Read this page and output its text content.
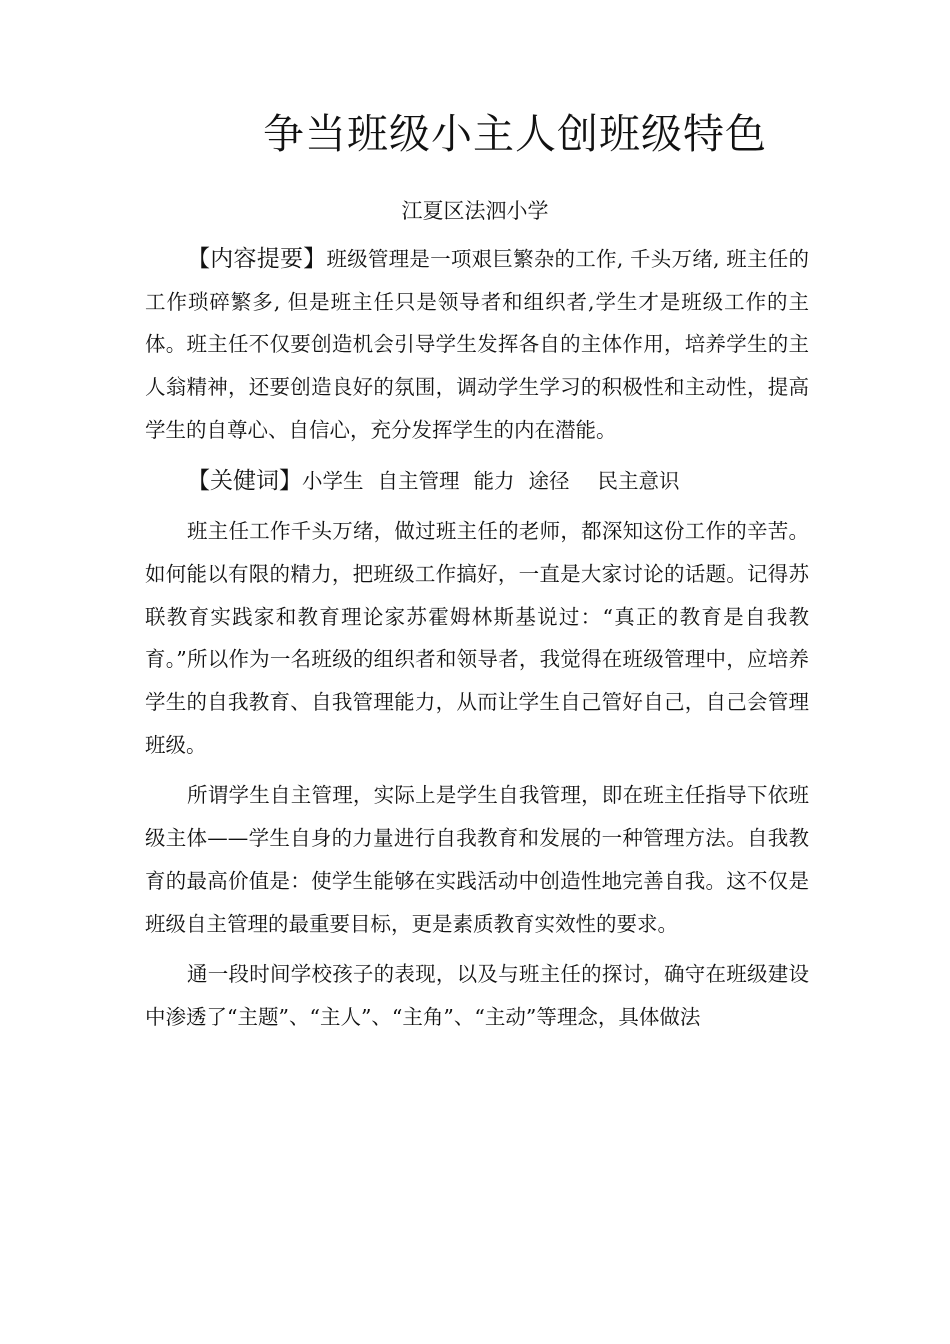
争当班级小主人创班级特色
江夏区法泗小学

【内容提要】班级管理是一项艰巨繁杂的工作, 千头万绪, 班主任的工作琐碎繁多, 但是班主任只是领导者和组织者,学生才是班级工作的主体。班主任不仅要创造机会引导学生发挥各自的主体作用，培养学生的主人翁精神，还要创造良好的氛围，调动学生学习的积极性和主动性，提高学生的自尊心、自信心，充分发挥学生的内在潜能。

【关健词】小学生 自主管理 能力 途径 民主意识

班主任工作千头万绪，做过班主任的老师，都深知这份工作的辛苦。如何能以有限的精力，把班级工作搞好，一直是大家讨论的话题。记得苏联教育实践家和教育理论家苏霍姆林斯基说过：“真正的教育是自我教育。”所以作为一名班级的组织者和领导者，我觉得在班级管理中，应培养学生的自我教育、自我管理能力，从而让学生自己管好自己，自己会管理班级。

所谓学生自主管理，实际上是学生自我管理，即在班主任指导下依班级主体——学生自身的力量进行自我教育和发展的一种管理方法。自我教育的最高价值是：使学生能够在实践活动中创造性地完善自我。这不仅是班级自主管理的最重要目标，更是素质教育实效性的要求。

通一段时间学校孩子的表现，以及与班主任的探讨，确守在班级建设中渗透了“主题”、“主人”、“主角”、“主动”等理念，具体做法
